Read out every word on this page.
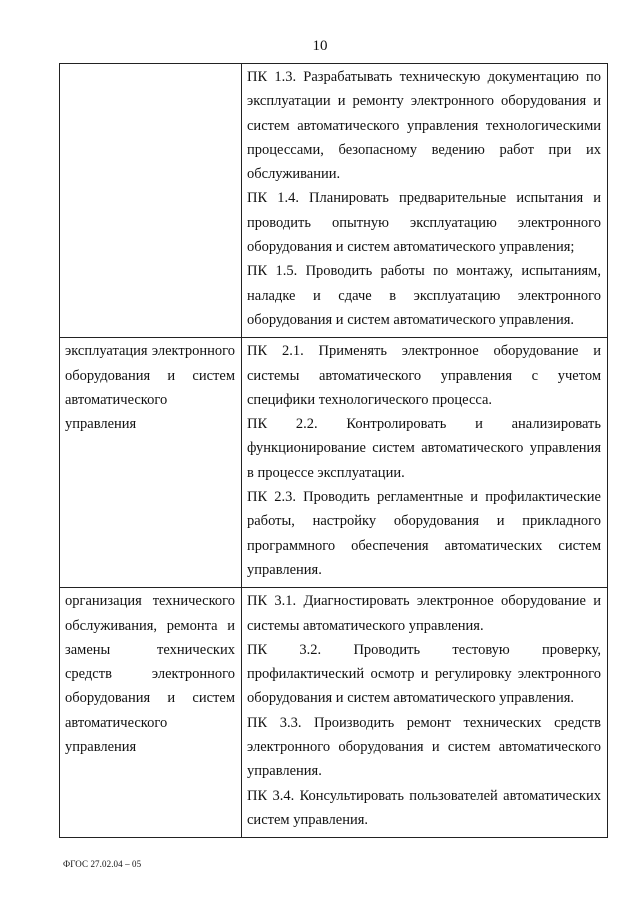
10

	ПК 1.3. Разрабатывать техническую документацию по эксплуатации и ремонту электронного оборудования и систем автоматического управления технологическими процессами, безопасному ведению работ при их обслуживании.

ПК 1.4. Планировать предварительные испытания и проводить опытную эксплуатацию электронного оборудования и систем автоматического управления;

ПК 1.5. Проводить работы по монтажу, испытаниям, наладке и сдаче в эксплуатацию электронного оборудования и систем автоматического управления.

эксплуатация электронного оборудования и систем автоматического управления	ПК 2.1. Применять электронное оборудование и системы автоматического управления с учетом специфики технологического процесса.

ПК 2.2. Контролировать и анализировать функционирование систем автоматического управления в процессе эксплуатации.

ПК 2.3. Проводить регламентные и профилактические работы, настройку оборудования и прикладного программного обеспечения автоматических систем управления.

организация технического обслуживания, ремонта и замены технических средств электронного оборудования и систем автоматического управления	ПК 3.1. Диагностировать электронное оборудование и системы автоматического управления.

ПК 3.2. Проводить тестовую проверку, профилактический осмотр и регулировку электронного оборудования и систем автоматического управления.

ПК 3.3. Производить ремонт технических средств электронного оборудования и систем автоматического управления.

ПК 3.4. Консультировать пользователей автоматических систем управления.

ФГОС 27.02.04 – 05
